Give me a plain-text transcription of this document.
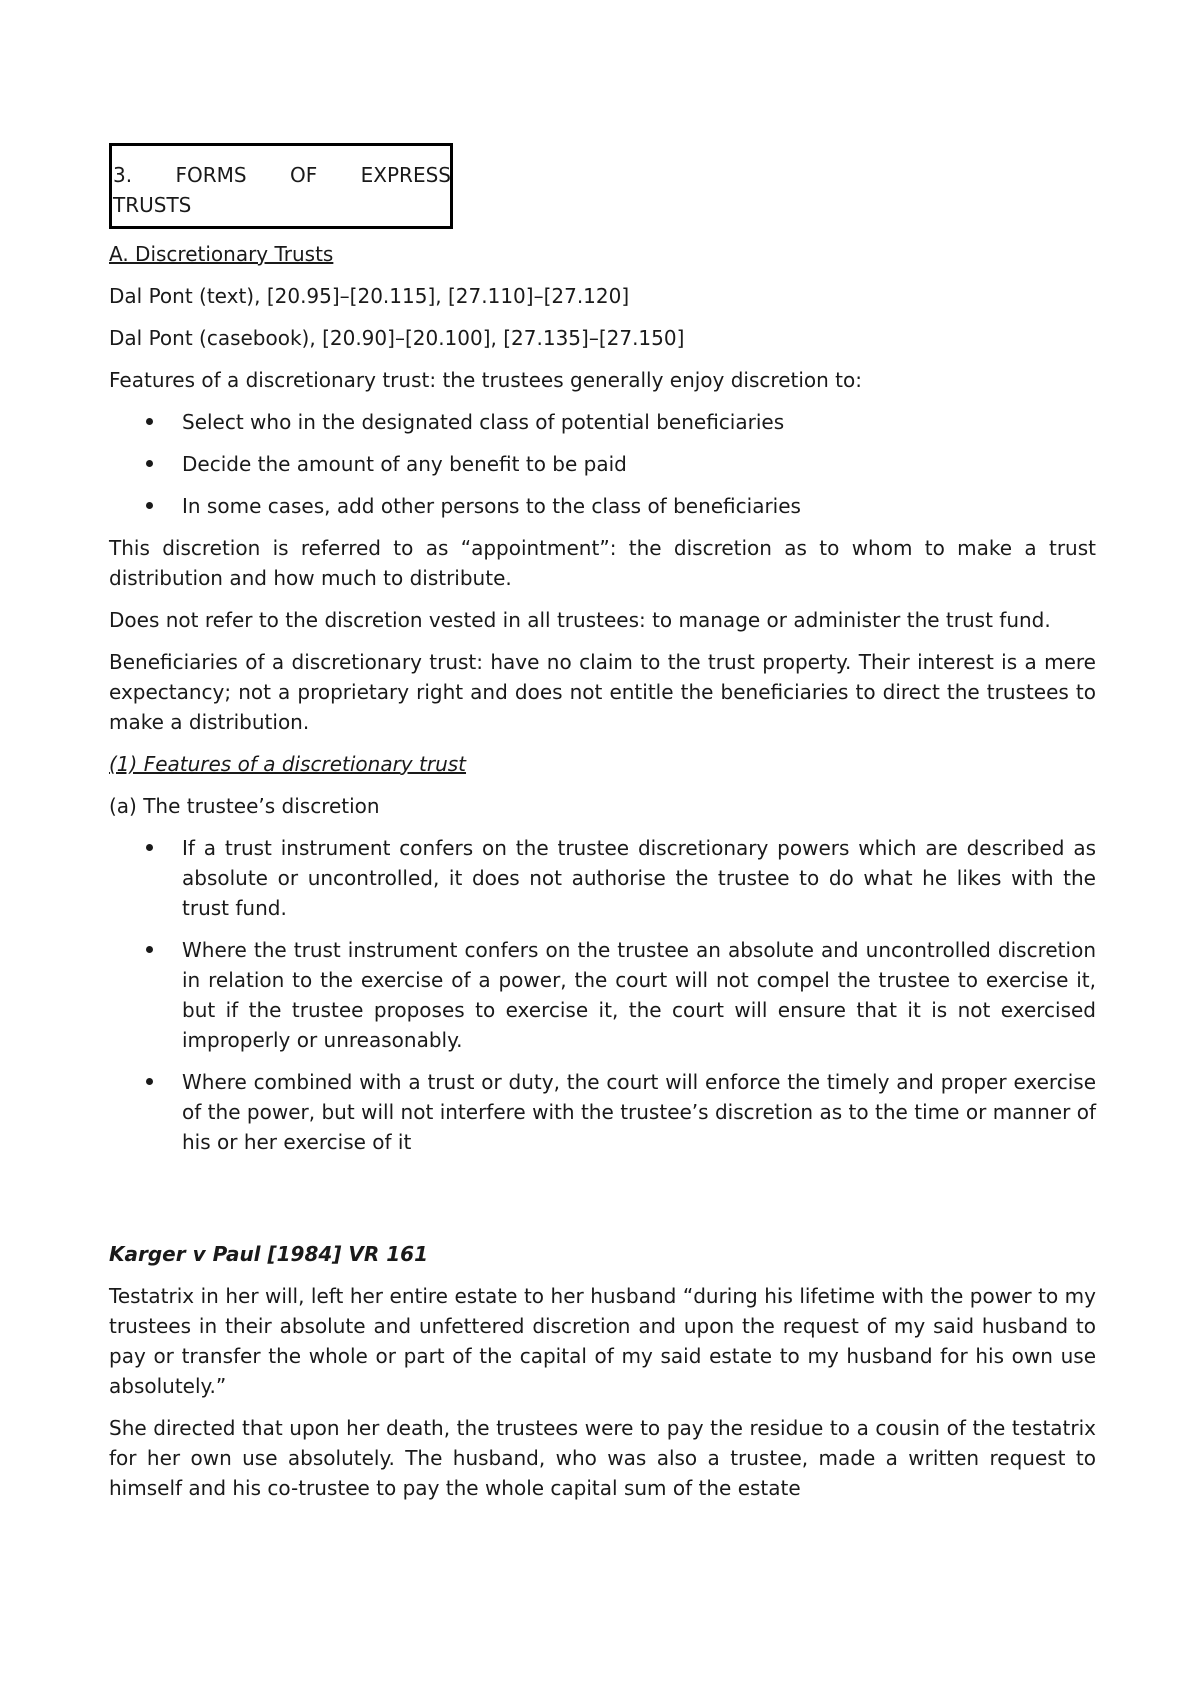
3. FORMS OF EXPRESS
TRUSTS

A. Discretionary Trusts

Dal Pont (text), [20.95]–[20.115], [27.110]–[27.120]

Dal Pont (casebook), [20.90]–[20.100], [27.135]–[27.150]

Features of a discretionary trust: the trustees generally enjoy discretion to:

Select who in the designated class of potential beneficiaries
Decide the amount of any benefit to be paid
In some cases, add other persons to the class of beneficiaries

This discretion is referred to as “appointment”: the discretion as to whom to make a trust distribution and how much to distribute.

Does not refer to the discretion vested in all trustees: to manage or administer the trust fund.

Beneficiaries of a discretionary trust: have no claim to the trust property. Their interest is a mere expectancy; not a proprietary right and does not entitle the beneficiaries to direct the trustees to make a distribution.

(1) Features of a discretionary trust

(a) The trustee’s discretion

If a trust instrument confers on the trustee discretionary powers which are described as absolute or uncontrolled, it does not authorise the trustee to do what he likes with the trust fund.
Where the trust instrument confers on the trustee an absolute and uncontrolled discretion in relation to the exercise of a power, the court will not compel the trustee to exercise it, but if the trustee proposes to exercise it, the court will ensure that it is not exercised improperly or unreasonably.
Where combined with a trust or duty, the court will enforce the timely and proper exercise of the power, but will not interfere with the trustee’s discretion as to the time or manner of his or her exercise of it

Karger v Paul [1984] VR 161

Testatrix in her will, left her entire estate to her husband “during his lifetime with the power to my trustees in their absolute and unfettered discretion and upon the request of my said husband to pay or transfer the whole or part of the capital of my said estate to my husband for his own use absolutely.”

She directed that upon her death, the trustees were to pay the residue to a cousin of the testatrix for her own use absolutely. The husband, who was also a trustee, made a written request to himself and his co-trustee to pay the whole capital sum of the estate
